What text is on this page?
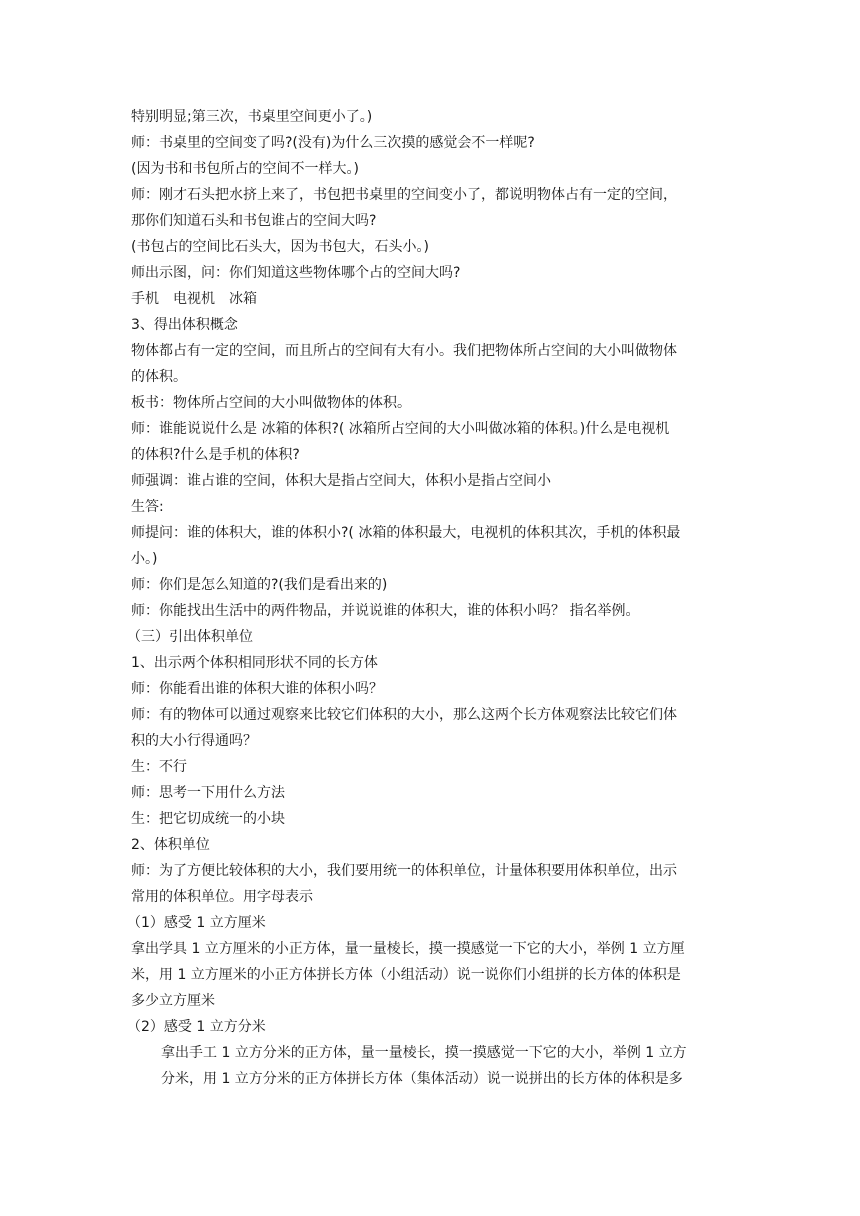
特别明显;第三次，书桌里空间更小了。)
师：书桌里的空间变了吗?(没有)为什么三次摸的感觉会不一样呢?
(因为书和书包所占的空间不一样大。)
师：刚才石头把水挤上来了，书包把书桌里的空间变小了，都说明物体占有一定的空间，
那你们知道石头和书包谁占的空间大吗?
(书包占的空间比石头大，因为书包大，石头小。)
师出示图，问：你们知道这些物体哪个占的空间大吗?
手机　电视机　冰箱
3、得出体积概念
物体都占有一定的空间，而且所占的空间有大有小。我们把物体所占空间的大小叫做物体
的体积。
板书：物体所占空间的大小叫做物体的体积。
师：谁能说说什么是 冰箱的体积?( 冰箱所占空间的大小叫做冰箱的体积。)什么是电视机
的体积?什么是手机的体积?
师强调：谁占谁的空间，体积大是指占空间大，体积小是指占空间小
生答:
师提问：谁的体积大，谁的体积小?( 冰箱的体积最大，电视机的体积其次，手机的体积最
小。)
师：你们是怎么知道的?(我们是看出来的)
师：你能找出生活中的两件物品，并说说谁的体积大，谁的体积小吗？ 指名举例。
（三）引出体积单位
1、出示两个体积相同形状不同的长方体
师：你能看出谁的体积大谁的体积小吗？
师：有的物体可以通过观察来比较它们体积的大小，那么这两个长方体观察法比较它们体
积的大小行得通吗？
生：不行
师：思考一下用什么方法
生：把它切成统一的小块
2、体积单位
师：为了方便比较体积的大小，我们要用统一的体积单位，计量体积要用体积单位，出示
常用的体积单位。用字母表示
（1）感受 1 立方厘米
拿出学具 1 立方厘米的小正方体，量一量棱长，摸一摸感觉一下它的大小，举例 1 立方厘
米，用 1 立方厘米的小正方体拼长方体（小组活动）说一说你们小组拼的长方体的体积是
多少立方厘米
（2）感受 1 立方分米
拿出手工 1 立方分米的正方体，量一量棱长，摸一摸感觉一下它的大小，举例 1 立方
分米，用 1 立方分米的正方体拼长方体（集体活动）说一说拼出的长方体的体积是多
